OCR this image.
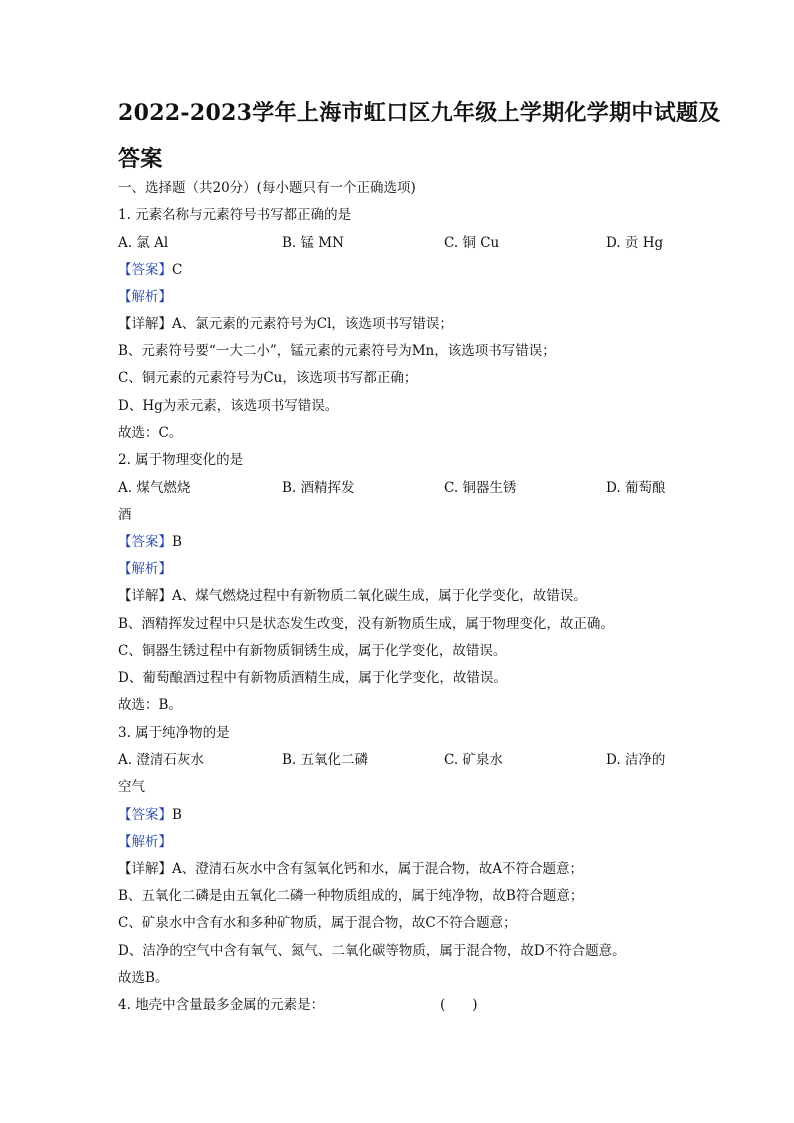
2022-2023学年上海市虹口区九年级上学期化学期中试题及
答案
一、选择题（共20分）(每小题只有一个正确选项)
1. 元素名称与元素符号书写都正确的是
A. 氯 Al	B. 锰 MN	C. 铜 Cu	D. 贡 Hg
【答案】C
【解析】
【详解】A、氯元素的元素符号为Cl，该选项书写错误；
B、元素符号要“一大二小”，锰元素的元素符号为Mn，该选项书写错误；
C、铜元素的元素符号为Cu，该选项书写都正确；
D、Hg为汞元素，该选项书写错误。
故选：C。
2. 属于物理变化的是
A. 煤气燃烧	B. 酒精挥发	C. 铜器生锈	D. 葡萄酿
酒
【答案】B
【解析】
【详解】A、煤气燃烧过程中有新物质二氧化碳生成，属于化学变化，故错误。
B、酒精挥发过程中只是状态发生改变，没有新物质生成，属于物理变化，故正确。
C、铜器生锈过程中有新物质铜锈生成，属于化学变化，故错误。
D、葡萄酿酒过程中有新物质酒精生成，属于化学变化，故错误。
故选：B。
3. 属于纯净物的是
A. 澄清石灰水	B. 五氧化二磷	C. 矿泉水	D. 洁净的
空气
【答案】B
【解析】
【详解】A、澄清石灰水中含有氢氧化钙和水，属于混合物，故A不符合题意；
B、五氧化二磷是由五氧化二磷一种物质组成的，属于纯净物，故B符合题意；
C、矿泉水中含有水和多种矿物质，属于混合物，故C不符合题意；
D、洁净的空气中含有氧气、氮气、二氧化碳等物质，属于混合物，故D不符合题意。
故选B。
4. 地壳中含量最多金属的元素是：	(　　)
